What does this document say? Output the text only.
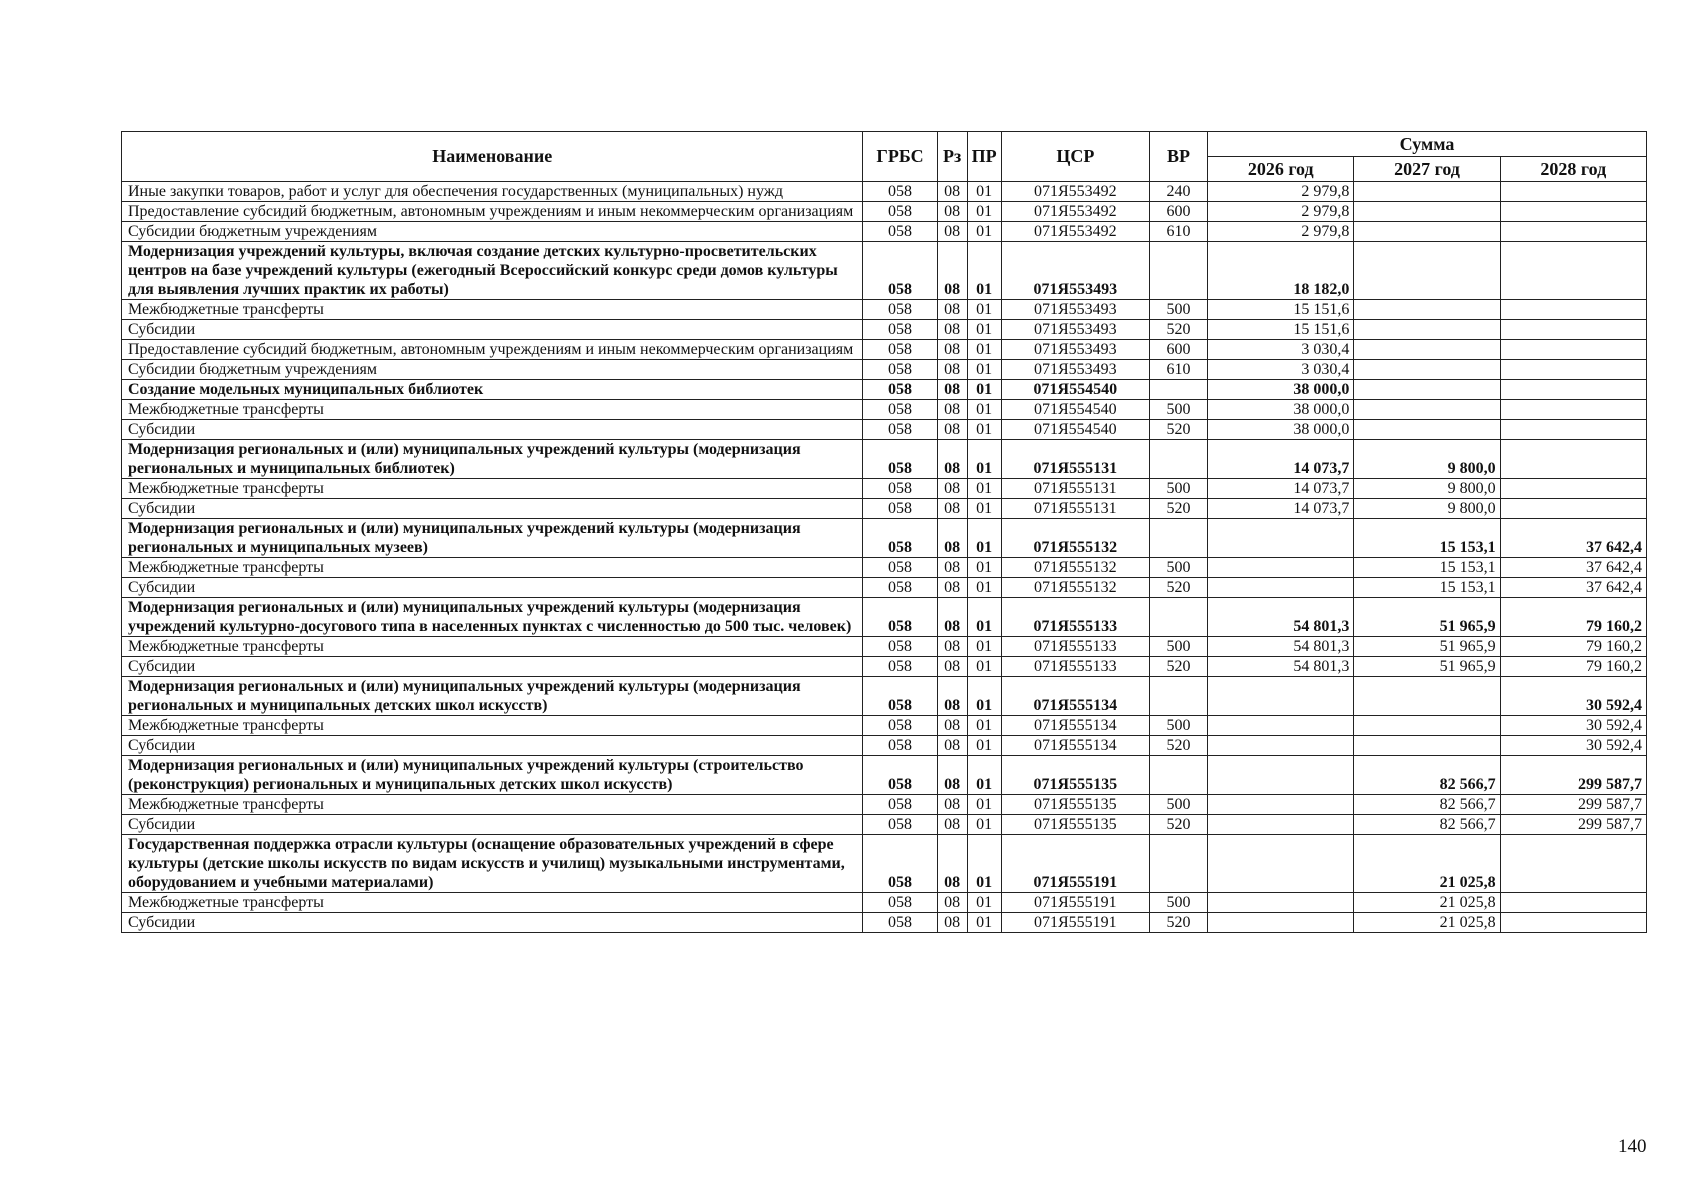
Наименование	ГРБС	Рз	ПР	ЦСР	ВР	Сумма		
						2026 год	2027 год	2028 год
Иные закупки товаров, работ и услуг для обеспечения государственных (муниципальных) нужд	058	08	01	071Я553492	240	2 979,8		
Предоставление субсидий бюджетным, автономным учреждениям и иным некоммерческим организациям	058	08	01	071Я553492	600	2 979,8		
Субсидии бюджетным учреждениям	058	08	01	071Я553492	610	2 979,8		
Модернизация учреждений культуры, включая создание детских культурно-просветительских центров на базе учреждений культуры (ежегодный Всероссийский конкурс среди домов культуры для выявления лучших практик их работы)	058	08	01	071Я553493		18 182,0		
Межбюджетные трансферты	058	08	01	071Я553493	500	15 151,6		
Субсидии	058	08	01	071Я553493	520	15 151,6		
Предоставление субсидий бюджетным, автономным учреждениям и иным некоммерческим организациям	058	08	01	071Я553493	600	3 030,4		
Субсидии бюджетным учреждениям	058	08	01	071Я553493	610	3 030,4		
Создание модельных муниципальных библиотек	058	08	01	071Я554540		38 000,0		
Межбюджетные трансферты	058	08	01	071Я554540	500	38 000,0		
Субсидии	058	08	01	071Я554540	520	38 000,0		
Модернизация региональных и (или) муниципальных учреждений культуры (модернизация региональных и муниципальных библиотек)	058	08	01	071Я555131		14 073,7	9 800,0	
Межбюджетные трансферты	058	08	01	071Я555131	500	14 073,7	9 800,0	
Субсидии	058	08	01	071Я555131	520	14 073,7	9 800,0	
Модернизация региональных и (или) муниципальных учреждений культуры (модернизация региональных и муниципальных музеев)	058	08	01	071Я555132			15 153,1	37 642,4
Межбюджетные трансферты	058	08	01	071Я555132	500		15 153,1	37 642,4
Субсидии	058	08	01	071Я555132	520		15 153,1	37 642,4
Модернизация региональных и (или) муниципальных учреждений культуры (модернизация учреждений культурно-досугового типа в населенных пунктах с численностью до 500 тыс. человек)	058	08	01	071Я555133		54 801,3	51 965,9	79 160,2
Межбюджетные трансферты	058	08	01	071Я555133	500	54 801,3	51 965,9	79 160,2
Субсидии	058	08	01	071Я555133	520	54 801,3	51 965,9	79 160,2
Модернизация региональных и (или) муниципальных учреждений культуры (модернизация региональных и муниципальных детских школ искусств)	058	08	01	071Я555134				30 592,4
Межбюджетные трансферты	058	08	01	071Я555134	500			30 592,4
Субсидии	058	08	01	071Я555134	520			30 592,4
Модернизация региональных и (или) муниципальных учреждений культуры (строительство (реконструкция) региональных и муниципальных детских школ искусств)	058	08	01	071Я555135			82 566,7	299 587,7
Межбюджетные трансферты	058	08	01	071Я555135	500		82 566,7	299 587,7
Субсидии	058	08	01	071Я555135	520		82 566,7	299 587,7
Государственная поддержка отрасли культуры (оснащение образовательных учреждений в сфере культуры (детские школы искусств по видам искусств и училищ) музыкальными инструментами, оборудованием и учебными материалами)	058	08	01	071Я555191			21 025,8	
Межбюджетные трансферты	058	08	01	071Я555191	500		21 025,8	
Субсидии	058	08	01	071Я555191	520		21 025,8	
140
